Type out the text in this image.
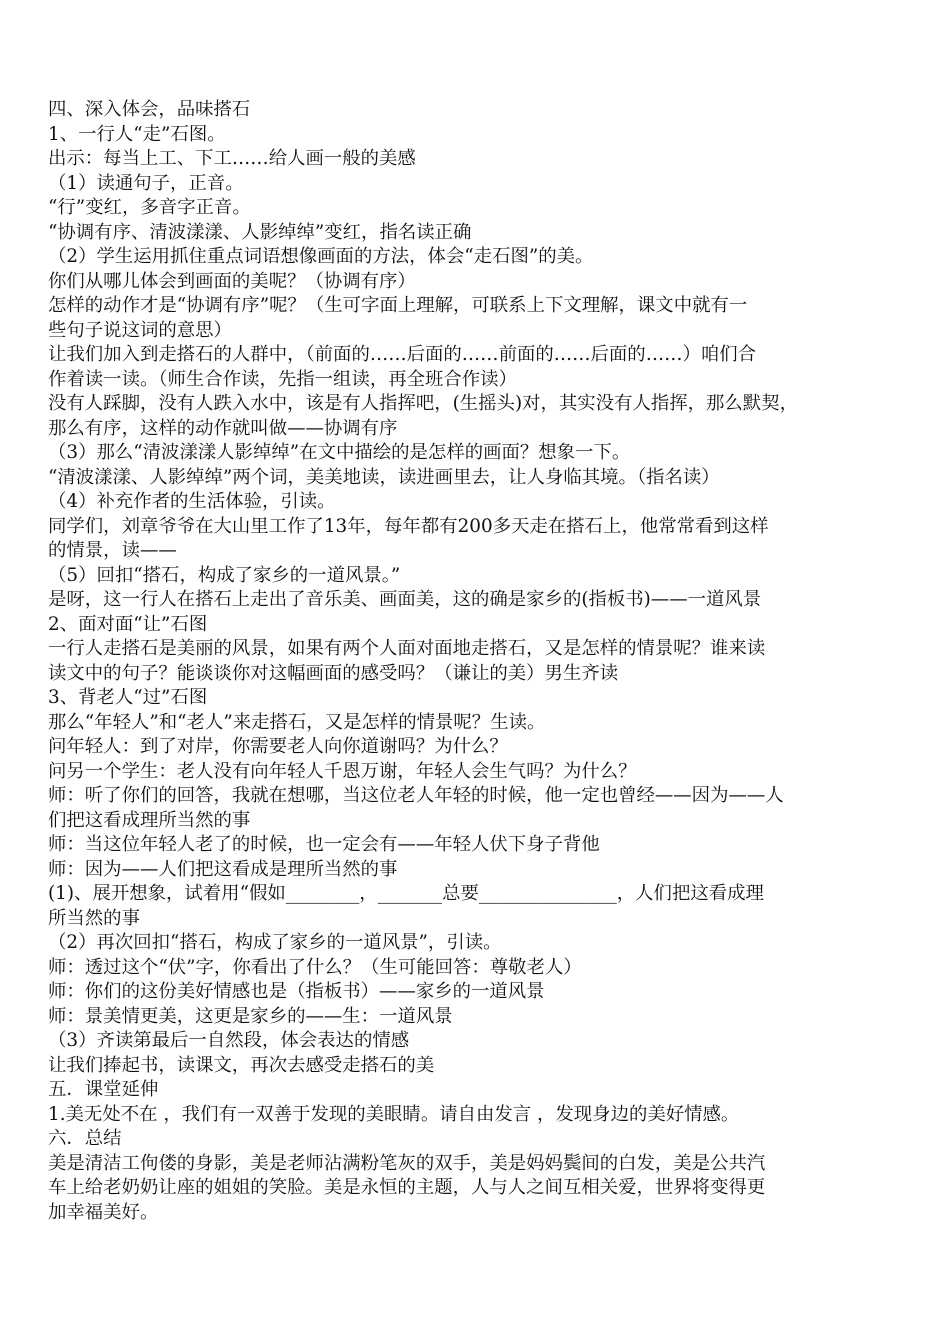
四、深入体会，品味搭石
1、一行人“走”石图。
出示：每当上工、下工……给人画一般的美感
（1）读通句子，正音。
“行”变红，多音字正音。
“协调有序、清波漾漾、人影绰绰”变红，指名读正确
（2）学生运用抓住重点词语想像画面的方法，体会“走石图”的美。
你们从哪儿体会到画面的美呢？（协调有序）
怎样的动作才是“协调有序”呢？（生可字面上理解，可联系上下文理解，课文中就有一
些句子说这词的意思）
让我们加入到走搭石的人群中，（前面的……后面的……前面的……后面的……）咱们合
作着读一读。（师生合作读，先指一组读，再全班合作读）
没有人踩脚，没有人跌入水中，该是有人指挥吧，(生摇头)对，其实没有人指挥，那么默契，
那么有序，这样的动作就叫做——协调有序
（3）那么“清波漾漾人影绰绰”在文中描绘的是怎样的画面？想象一下。
“清波漾漾、人影绰绰”两个词，美美地读，读进画里去，让人身临其境。（指名读）
（4）补充作者的生活体验，引读。
同学们，刘章爷爷在大山里工作了13年，每年都有200多天走在搭石上，他常常看到这样
的情景，读——
（5）回扣“搭石，构成了家乡的一道风景。”
是呀，这一行人在搭石上走出了音乐美、画面美，这的确是家乡的(指板书)——一道风景
2、面对面“让”石图
一行人走搭石是美丽的风景，如果有两个人面对面地走搭石，又是怎样的情景呢？谁来读
读文中的句子？能谈谈你对这幅画面的感受吗？（谦让的美）男生齐读
3、背老人“过”石图
那么“年轻人”和“老人”来走搭石，又是怎样的情景呢？生读。
问年轻人：到了对岸，你需要老人向你道谢吗？为什么？
问另一个学生：老人没有向年轻人千恩万谢，年轻人会生气吗？为什么？
师：听了你们的回答，我就在想哪，当这位老人年轻的时候，他一定也曾经——因为——人
们把这看成理所当然的事
师：当这位年轻人老了的时候，也一定会有——年轻人伏下身子背他
师：因为——人们把这看成是理所当然的事
(1)、展开想象，试着用“假如________，_______总要_______________，人们把这看成理
所当然的事
（2）再次回扣“搭石，构成了家乡的一道风景”，引读。
师：透过这个“伏”字，你看出了什么？（生可能回答：尊敬老人）
师：你们的这份美好情感也是（指板书）——家乡的一道风景
师：景美情更美，这更是家乡的——生：一道风景
（3）齐读第最后一自然段，体会表达的情感
让我们捧起书，读课文，再次去感受走搭石的美
五．课堂延伸
1.美无处不在 ，我们有一双善于发现的美眼睛。请自由发言 ，发现身边的美好情感。
六．总结
美是清洁工佝偻的身影，美是老师沾满粉笔灰的双手，美是妈妈鬓间的白发，美是公共汽
车上给老奶奶让座的姐姐的笑脸。美是永恒的主题，人与人之间互相关爱，世界将变得更
加幸福美好。
